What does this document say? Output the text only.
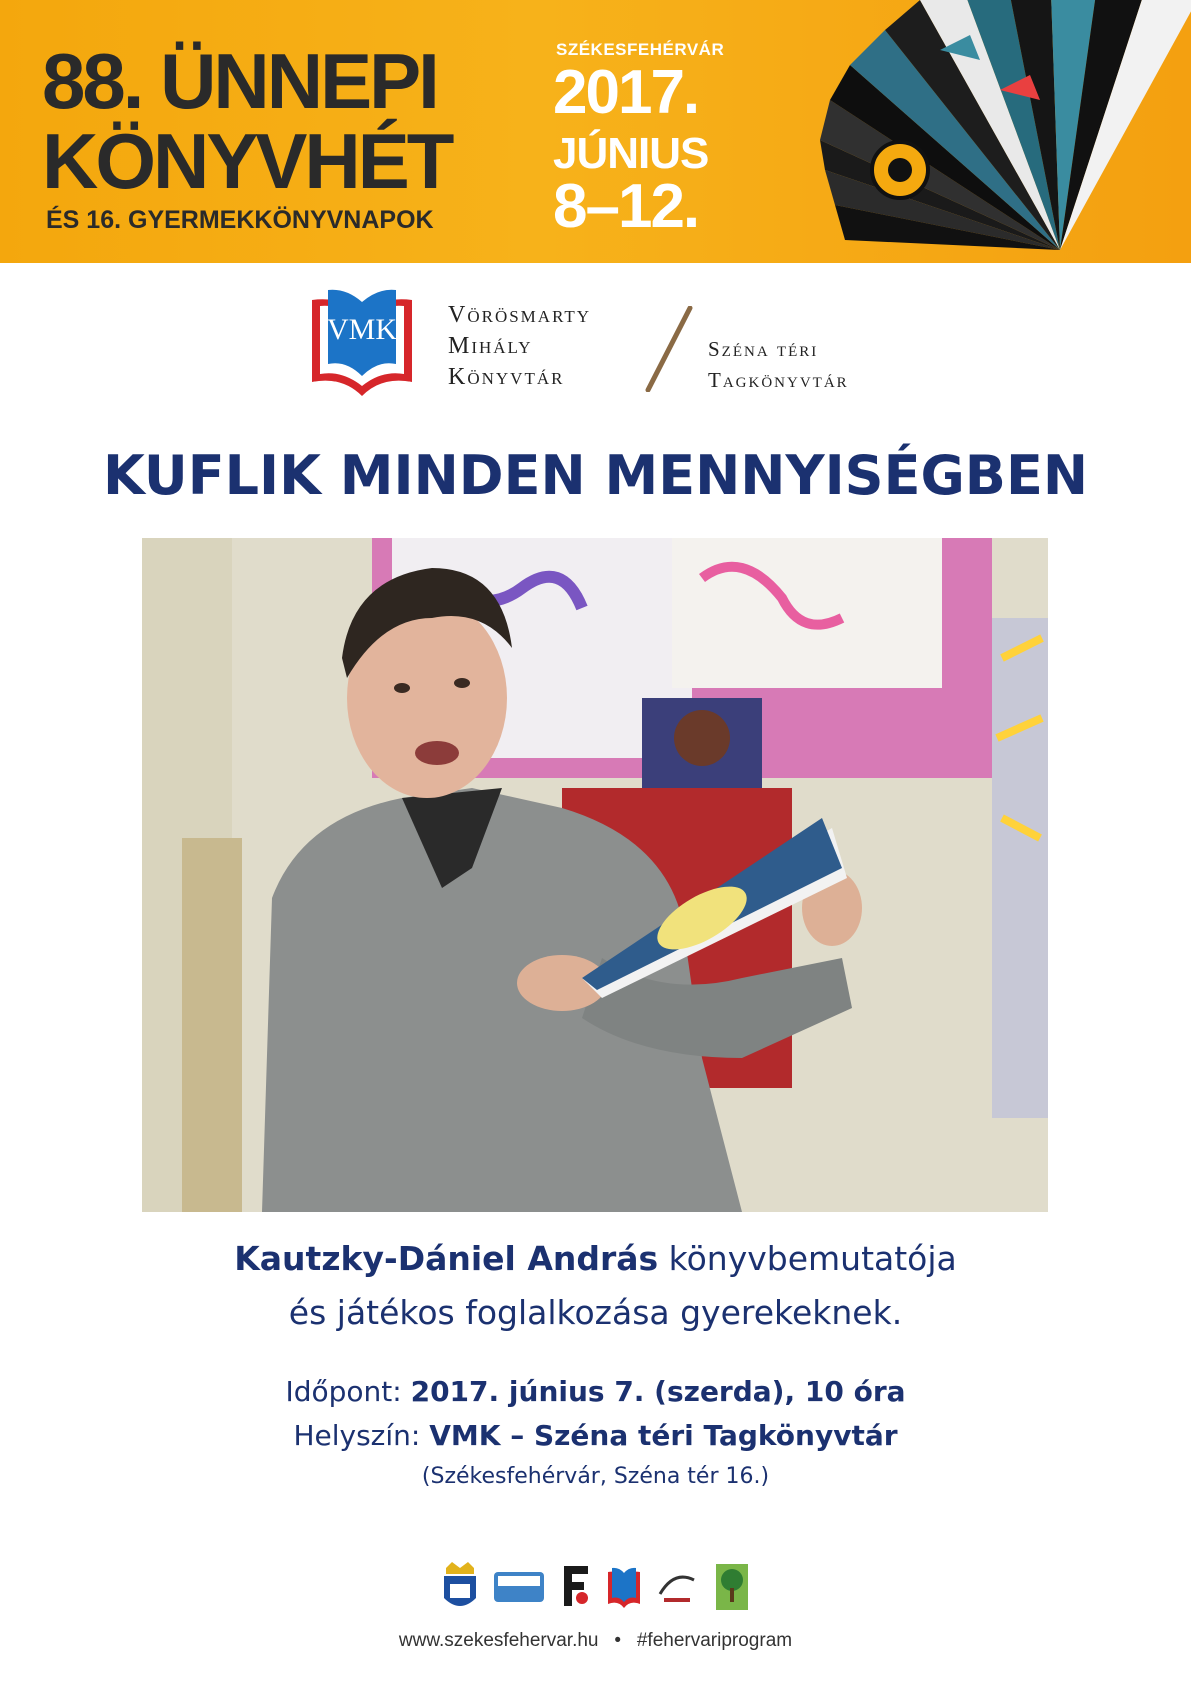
88. ÜNNEPI
KÖNYVHÉT
ÉS 16. GYERMEKKÖNYVNAPOK
SZÉKESFEHÉRVÁR
2017.
JÚNIUS
8–12.
VMK Vörösmarty
Mihály
Könyvtár
Széna téri
Tagkönyvtár
KUFLIK MINDEN MENNYISÉGBEN
Kautzky-Dániel András könyvbemutatója
és játékos foglalkozása gyerekeknek.
Időpont: 2017. június 7. (szerda), 10 óra
Helyszín: VMK – Széna téri Tagkönyvtár
(Székesfehérvár, Széna tér 16.)
www.szekesfehervar.hu • #fehervariprogram
